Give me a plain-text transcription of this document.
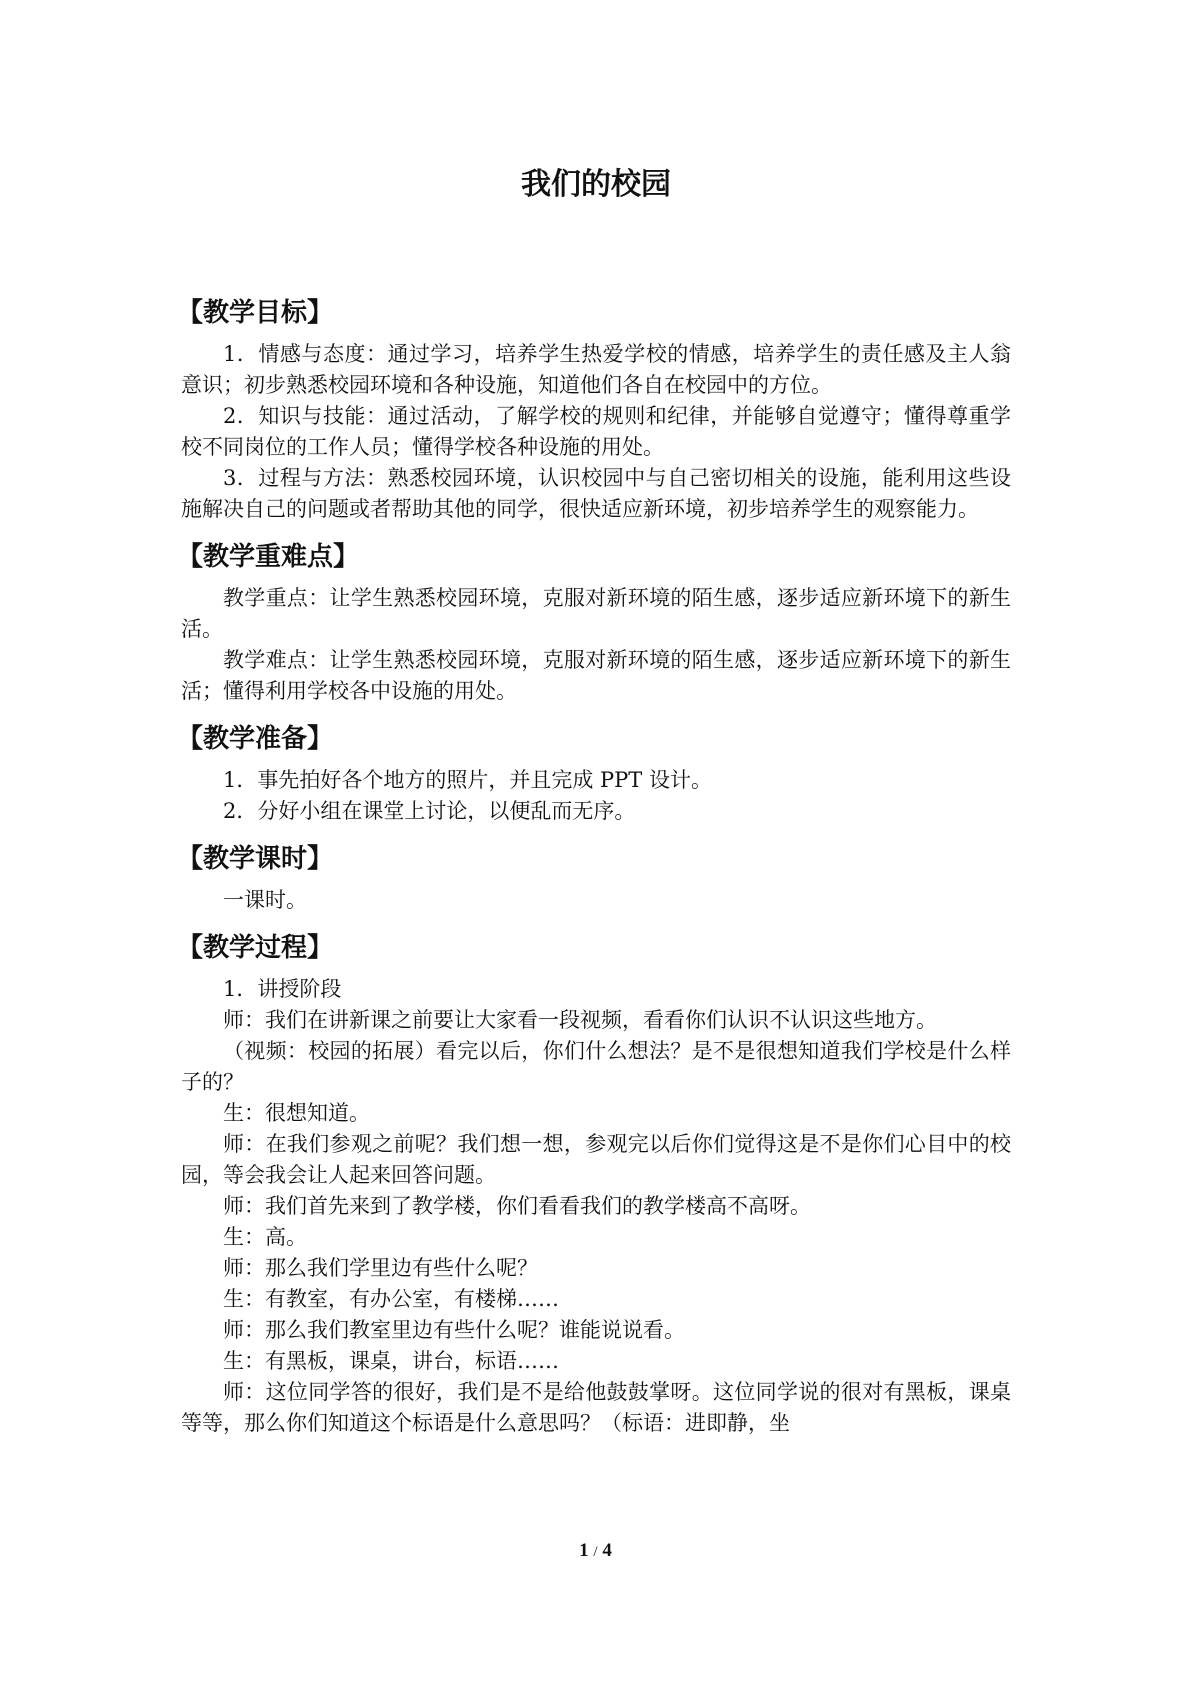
我们的校园
【教学目标】

1．情感与态度：通过学习，培养学生热爱学校的情感，培养学生的责任感及主人翁意识；初步熟悉校园环境和各种设施，知道他们各自在校园中的方位。

2．知识与技能：通过活动，了解学校的规则和纪律，并能够自觉遵守；懂得尊重学校不同岗位的工作人员；懂得学校各种设施的用处。

3．过程与方法：熟悉校园环境，认识校园中与自己密切相关的设施，能利用这些设施解决自己的问题或者帮助其他的同学，很快适应新环境，初步培养学生的观察能力。

【教学重难点】

教学重点：让学生熟悉校园环境，克服对新环境的陌生感，逐步适应新环境下的新生活。

教学难点：让学生熟悉校园环境，克服对新环境的陌生感，逐步适应新环境下的新生活；懂得利用学校各中设施的用处。

【教学准备】

1．事先拍好各个地方的照片，并且完成 PPT 设计。

2．分好小组在课堂上讨论，以便乱而无序。

【教学课时】

一课时。

【教学过程】

1．讲授阶段

师：我们在讲新课之前要让大家看一段视频，看看你们认识不认识这些地方。

（视频：校园的拓展）看完以后，你们什么想法？是不是很想知道我们学校是什么样子的？

生：很想知道。

师：在我们参观之前呢？我们想一想，参观完以后你们觉得这是不是你们心目中的校园，等会我会让人起来回答问题。

师：我们首先来到了教学楼，你们看看我们的教学楼高不高呀。

生：高。

师：那么我们学里边有些什么呢？

生：有教室，有办公室，有楼梯……

师：那么我们教室里边有些什么呢？谁能说说看。

生：有黑板，课桌，讲台，标语……

师：这位同学答的很好，我们是不是给他鼓鼓掌呀。这位同学说的很对有黑板，课桌等等，那么你们知道这个标语是什么意思吗？（标语：进即静，坐

1 / 4
